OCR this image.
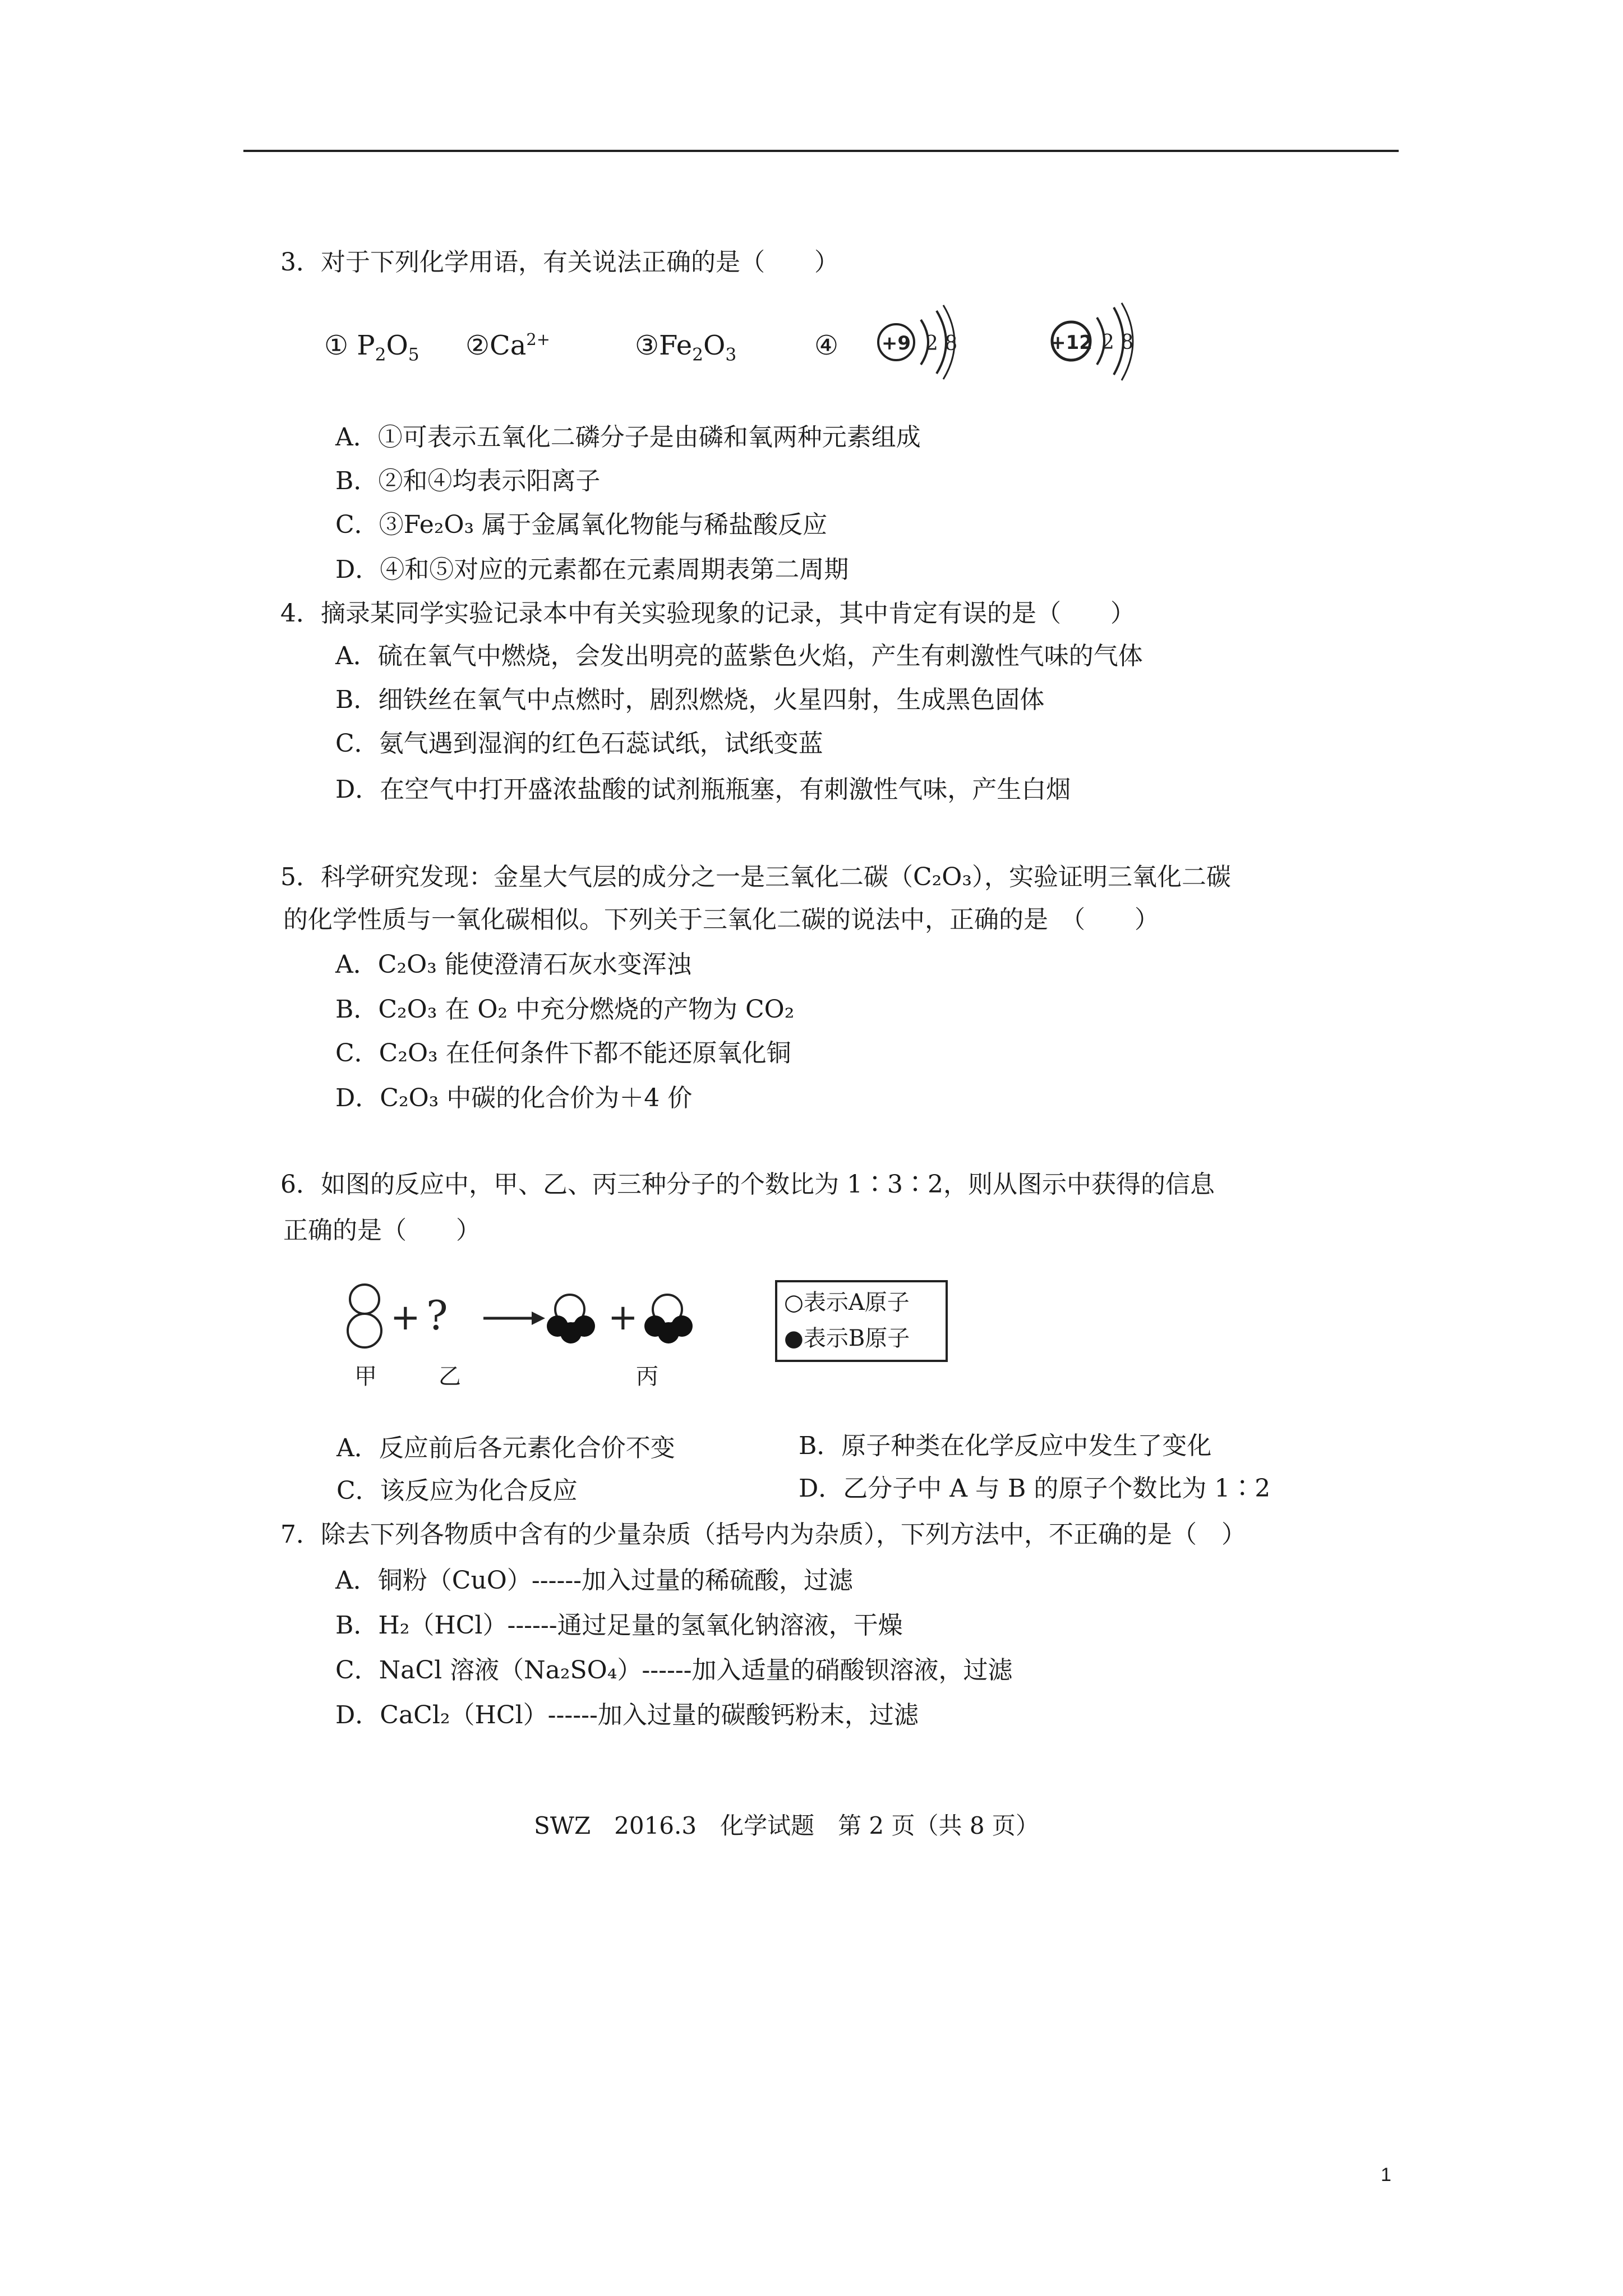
3．对于下列化学用语，有关说法正确的是（　　）
① $P_2O_5$ $②Ca^{2+}$	$③Fe_2O_3$	④ +9 2 8	+12 2 8
A．①可表示五氧化二磷分子是由磷和氧两种元素组成
B．②和④均表示阳离子
C．③Fe₂O₃ 属于金属氧化物能与稀盐酸反应
D．④和⑤对应的元素都在元素周期表第二周期
4．摘录某同学实验记录本中有关实验现象的记录，其中肯定有误的是（　　）
A．硫在氧气中燃烧，会发出明亮的蓝紫色火焰，产生有刺激性气味的气体
B．细铁丝在氧气中点燃时，剧烈燃烧，火星四射，生成黑色固体
C．氨气遇到湿润的红色石蕊试纸，试纸变蓝
D．在空气中打开盛浓盐酸的试剂瓶瓶塞，有刺激性气味，产生白烟
5．科学研究发现：金星大气层的成分之一是三氧化二碳（C₂O₃），实验证明三氧化二碳
的化学性质与一氧化碳相似。下列关于三氧化二碳的说法中，正确的是　（　　）
A．C₂O₃ 能使澄清石灰水变浑浊
B．C₂O₃ 在 O₂ 中充分燃烧的产物为 CO₂
C．C₂O₃ 在任何条件下都不能还原氧化铜
D．C₂O₃ 中碳的化合价为＋4 价
6．如图的反应中，甲、乙、丙三种分子的个数比为 1∶3∶2，则从图示中获得的信息
正确的是（　　）
+ ?	+
甲	乙	丙
○表示A原子
●表示B原子
A．反应前后各元素化合价不变	B．原子种类在化学反应中发生了变化
C．该反应为化合反应	D．乙分子中 A 与 B 的原子个数比为 1∶2
7．除去下列各物质中含有的少量杂质（括号内为杂质），下列方法中，不正确的是（　）
A．铜粉（CuO）------加入过量的稀硫酸，过滤
B．H₂（HCl）------通过足量的氢氧化钠溶液，干燥
C．NaCl 溶液（Na₂SO₄）------加入适量的硝酸钡溶液，过滤
D．CaCl₂（HCl）------加入过量的碳酸钙粉末，过滤
SWZ　2016.3　化学试题　第 2 页（共 8 页）
1
